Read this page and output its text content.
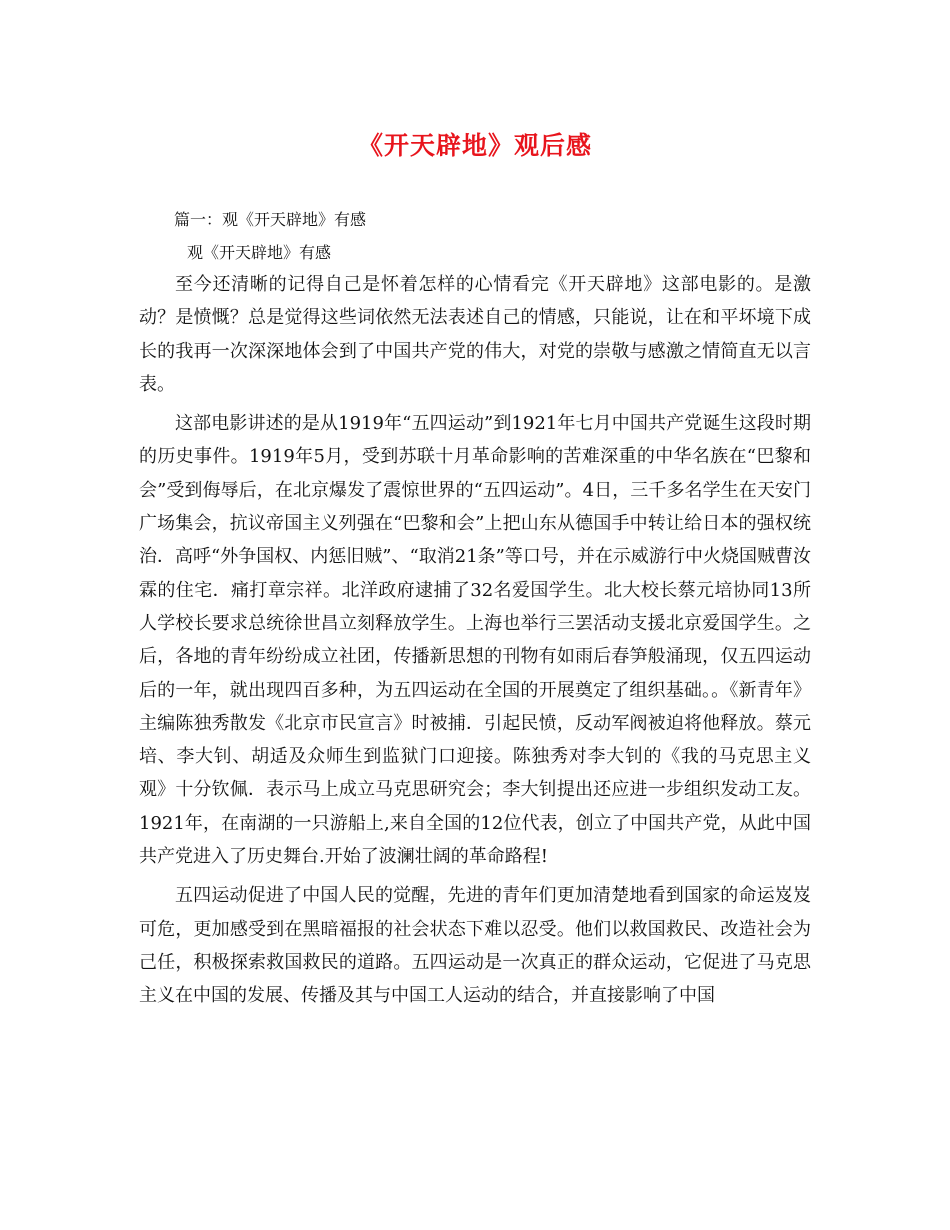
《开天辟地》观后感

篇一：观《开天辟地》有感

观《开天辟地》有感

至今还清晰的记得自己是怀着怎样的心情看完《开天辟地》这部电影的。是激动？是愤慨？总是觉得这些词依然无法表述自己的情感，只能说，让在和平坏境下成长的我再一次深深地体会到了中国共产党的伟大，对党的崇敬与感激之情简直无以言表。

这部电影讲述的是从1919年“五四运动”到1921年七月中国共产党诞生这段时期的历史事件。1919年5月，受到苏联十月革命影响的苦难深重的中华名族在“巴黎和会”受到侮辱后，在北京爆发了震惊世界的“五四运动”。4日，三千多名学生在天安门广场集会，抗议帝国主义列强在“巴黎和会”上把山东从德国手中转让给日本的强权统治．高呼“外争国权、内惩旧贼”、“取消21条”等口号，并在示威游行中火烧国贼曹汝霖的住宅．痛打章宗祥。北洋政府逮捕了32名爱国学生。北大校长蔡元培协同13所人学校长要求总统徐世昌立刻释放学生。上海也举行三罢活动支援北京爱国学生。之后，各地的青年纷纷成立社团，传播新思想的刊物有如雨后春笋般涌现，仅五四运动后的一年，就出现四百多种，为五四运动在全国的开展奠定了组织基础。。《新青年》主编陈独秀散发《北京市民宣言》时被捕．引起民愤，反动军阀被迫将他释放。蔡元培、李大钊、胡适及众师生到监狱门口迎接。陈独秀对李大钊的《我的马克思主义观》十分钦佩．表示马上成立马克思研究会；李大钊提出还应进一步组织发动工友。1921年，在南湖的一只游船上,来自全国的12位代表，创立了中国共产党，从此中国共产党进入了历史舞台.开始了波澜壮阔的革命路程!

五四运动促进了中国人民的觉醒，先进的青年们更加清楚地看到国家的命运岌岌可危，更加感受到在黑暗福报的社会状态下难以忍受。他们以救国救民、改造社会为己任，积极探索救国救民的道路。五四运动是一次真正的群众运动，它促进了马克思主义在中国的发展、传播及其与中国工人运动的结合，并直接影响了中国
